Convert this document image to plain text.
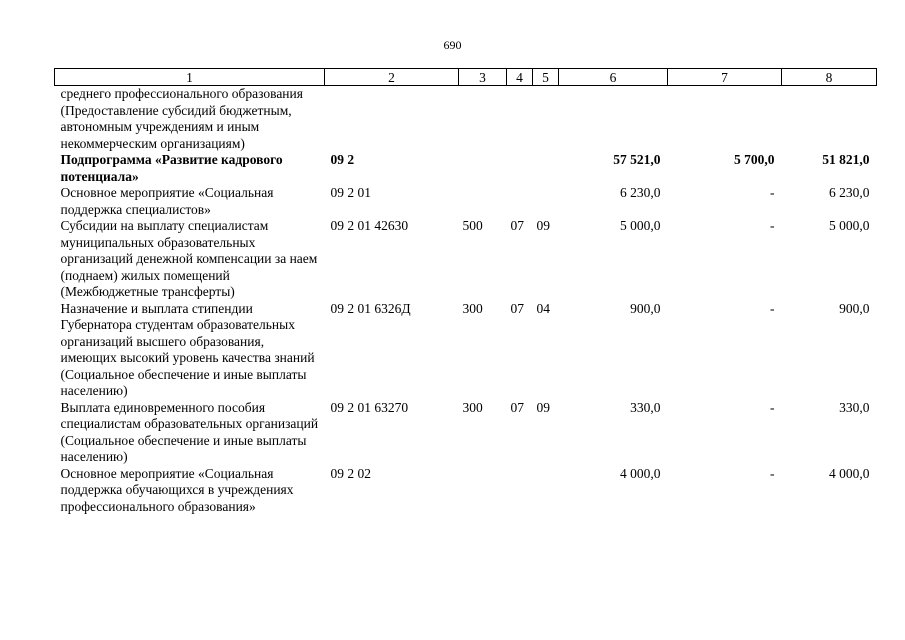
690
1	2	3	4	5	6	7	8
среднего профессионального образования (Предоставление субсидий бюджетным, автономным учреждениям и иным некоммерческим организациям)							
Подпрограмма «Развитие кадрового потенциала»	09 2				57 521,0	5 700,0	51 821,0
Основное мероприятие «Социальная поддержка специалистов»	09 2 01				6 230,0	-	6 230,0
Субсидии на выплату специалистам муниципальных образовательных организаций денежной компенсации за наем (поднаем) жилых помещений (Межбюджетные трансферты)	09 2 01 42630	500	07	09	5 000,0	-	5 000,0
Назначение и выплата стипендии Губернатора студентам образовательных организаций высшего образования, имеющих высокий уровень качества знаний (Социальное обеспечение и иные выплаты населению)	09 2 01 6326Д	300	07	04	900,0	-	900,0
Выплата единовременного пособия специалистам образовательных организаций (Социальное обеспечение и иные выплаты населению)	09 2 01 63270	300	07	09	330,0	-	330,0
Основное мероприятие «Социальная поддержка обучающихся в учреждениях профессионального образования»	09 2 02				4 000,0	-	4 000,0
